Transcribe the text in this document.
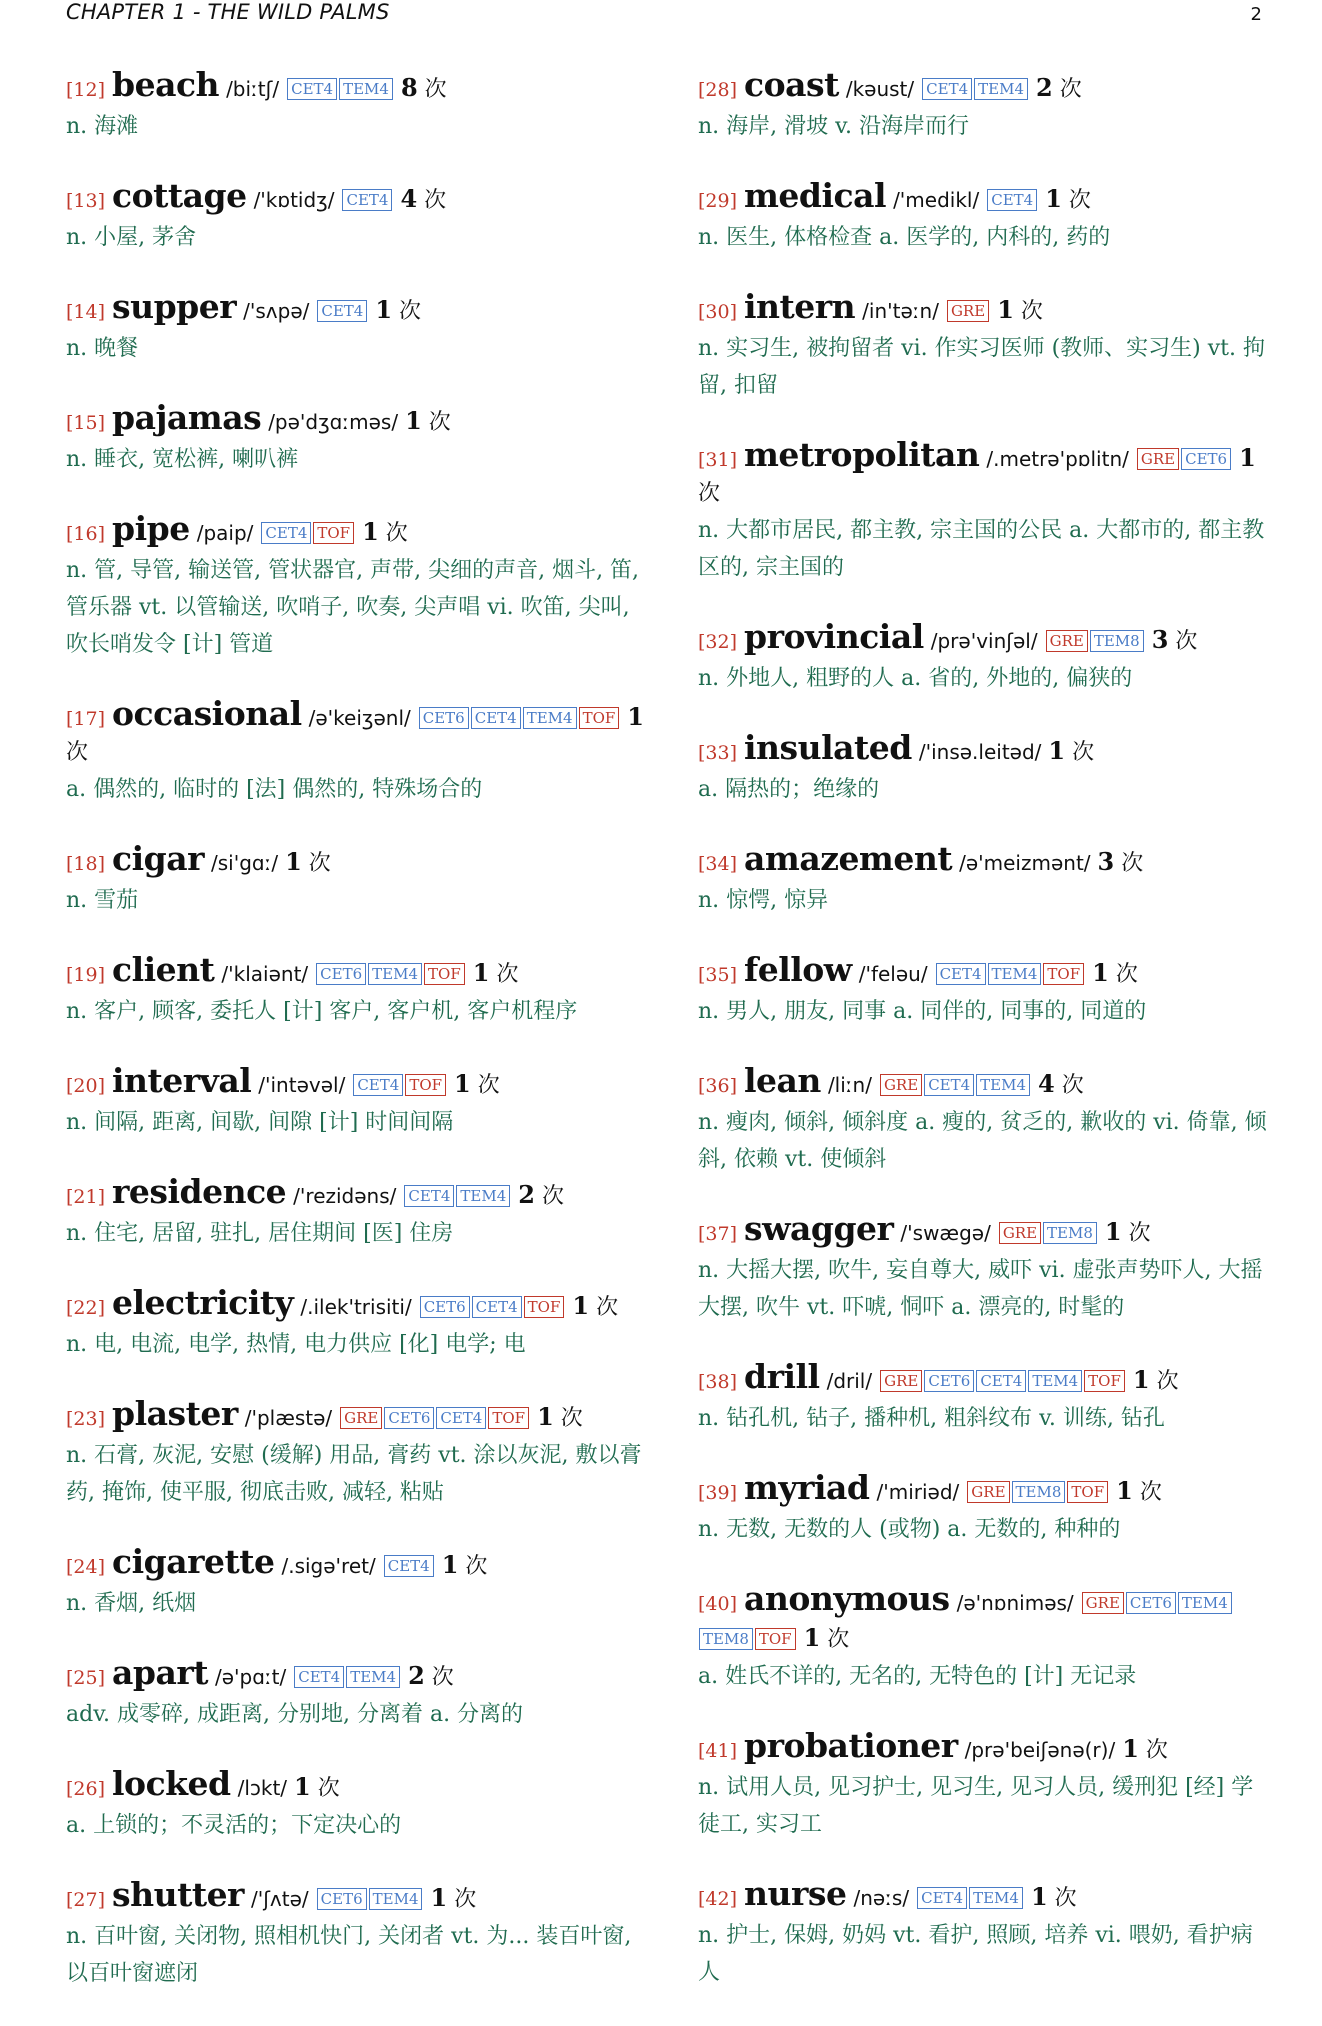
CHAPTER 1 - THE WILD PALMS	2
[12] beach /biːtʃ/ CET4 TEM4 8 次
n. 海滩
[13] cottage /'kɒtidʒ/ CET4 4 次
n. 小屋, 茅舍
[14] supper /'sʌpə/ CET4 1 次
n. 晚餐
[15] pajamas /pə'dʒɑːməs/ 1 次
n. 睡衣, 宽松裤, 喇叭裤
[16] pipe /paip/ CET4 TOF 1 次
n. 管, 导管, 输送管, 管状器官, 声带, 尖细的声音, 烟斗, 笛, 管乐器 vt. 以管输送, 吹哨子, 吹奏, 尖声唱 vi. 吹笛, 尖叫, 吹长哨发令 [计] 管道
[17] occasional /ə'keiʒənl/ CET6 CET4 TEM4 TOF 1 次
a. 偶然的, 临时的 [法] 偶然的, 特殊场合的
[18] cigar /si'gɑː/ 1 次
n. 雪茄
[19] client /'klaiənt/ CET6 TEM4 TOF 1 次
n. 客户, 顾客, 委托人 [计] 客户, 客户机, 客户机程序
[20] interval /'intəvəl/ CET4 TOF 1 次
n. 间隔, 距离, 间歇, 间隙 [计] 时间间隔
[21] residence /'rezidəns/ CET4 TEM4 2 次
n. 住宅, 居留, 驻扎, 居住期间 [医] 住房
[22] electricity /.ilek'trisiti/ CET6 CET4 TOF 1 次
n. 电, 电流, 电学, 热情, 电力供应 [化] 电学; 电
[23] plaster /'plæstə/ GRE CET6 CET4 TOF 1 次
n. 石膏, 灰泥, 安慰 (缓解) 用品, 膏药 vt. 涂以灰泥, 敷以膏药, 掩饰, 使平服, 彻底击败, 减轻, 粘贴
[24] cigarette /.sigə'ret/ CET4 1 次
n. 香烟, 纸烟
[25] apart /ə'pɑːt/ CET4 TEM4 2 次
adv. 成零碎, 成距离, 分别地, 分离着 a. 分离的
[26] locked /lɔkt/ 1 次
a. 上锁的；不灵活的；下定决心的
[27] shutter /'ʃʌtə/ CET6 TEM4 1 次
n. 百叶窗, 关闭物, 照相机快门, 关闭者 vt. 为... 装百叶窗, 以百叶窗遮闭
[28] coast /kəust/ CET4 TEM4 2 次
n. 海岸, 滑坡 v. 沿海岸而行
[29] medical /'medikl/ CET4 1 次
n. 医生, 体格检查 a. 医学的, 内科的, 药的
[30] intern /in'təːn/ GRE 1 次
n. 实习生, 被拘留者 vi. 作实习医师 (教师、实习生) vt. 拘留, 扣留
[31] metropolitan /.metrə'pɒlitn/ GRE CET6 1 次
n. 大都市居民, 都主教, 宗主国的公民 a. 大都市的, 都主教区的, 宗主国的
[32] provincial /prə'vinʃəl/ GRE TEM8 3 次
n. 外地人, 粗野的人 a. 省的, 外地的, 偏狭的
[33] insulated /'insə.leitəd/ 1 次
a. 隔热的；绝缘的
[34] amazement /ə'meizmənt/ 3 次
n. 惊愕, 惊异
[35] fellow /'feləu/ CET4 TEM4 TOF 1 次
n. 男人, 朋友, 同事 a. 同伴的, 同事的, 同道的
[36] lean /liːn/ GRE CET4 TEM4 4 次
n. 瘦肉, 倾斜, 倾斜度 a. 瘦的, 贫乏的, 歉收的 vi. 倚靠, 倾斜, 依赖 vt. 使倾斜
[37] swagger /'swægə/ GRE TEM8 1 次
n. 大摇大摆, 吹牛, 妄自尊大, 威吓 vi. 虚张声势吓人, 大摇大摆, 吹牛 vt. 吓唬, 恫吓 a. 漂亮的, 时髦的
[38] drill /dril/ GRE CET6 CET4 TEM4 TOF 1 次
n. 钻孔机, 钻子, 播种机, 粗斜纹布 v. 训练, 钻孔
[39] myriad /'miriəd/ GRE TEM8 TOF 1 次
n. 无数, 无数的人 (或物) a. 无数的, 种种的
[40] anonymous /ə'nɒniməs/ GRE CET6 TEM4TEM8 TOF 1 次
a. 姓氏不详的, 无名的, 无特色的 [计] 无记录
[41] probationer /prə'beiʃənə(r)/ 1 次
n. 试用人员, 见习护士, 见习生, 见习人员, 缓刑犯 [经] 学徒工, 实习工
[42] nurse /nəːs/ CET4 TEM4 1 次
n. 护士, 保姆, 奶妈 vt. 看护, 照顾, 培养 vi. 喂奶, 看护病人
